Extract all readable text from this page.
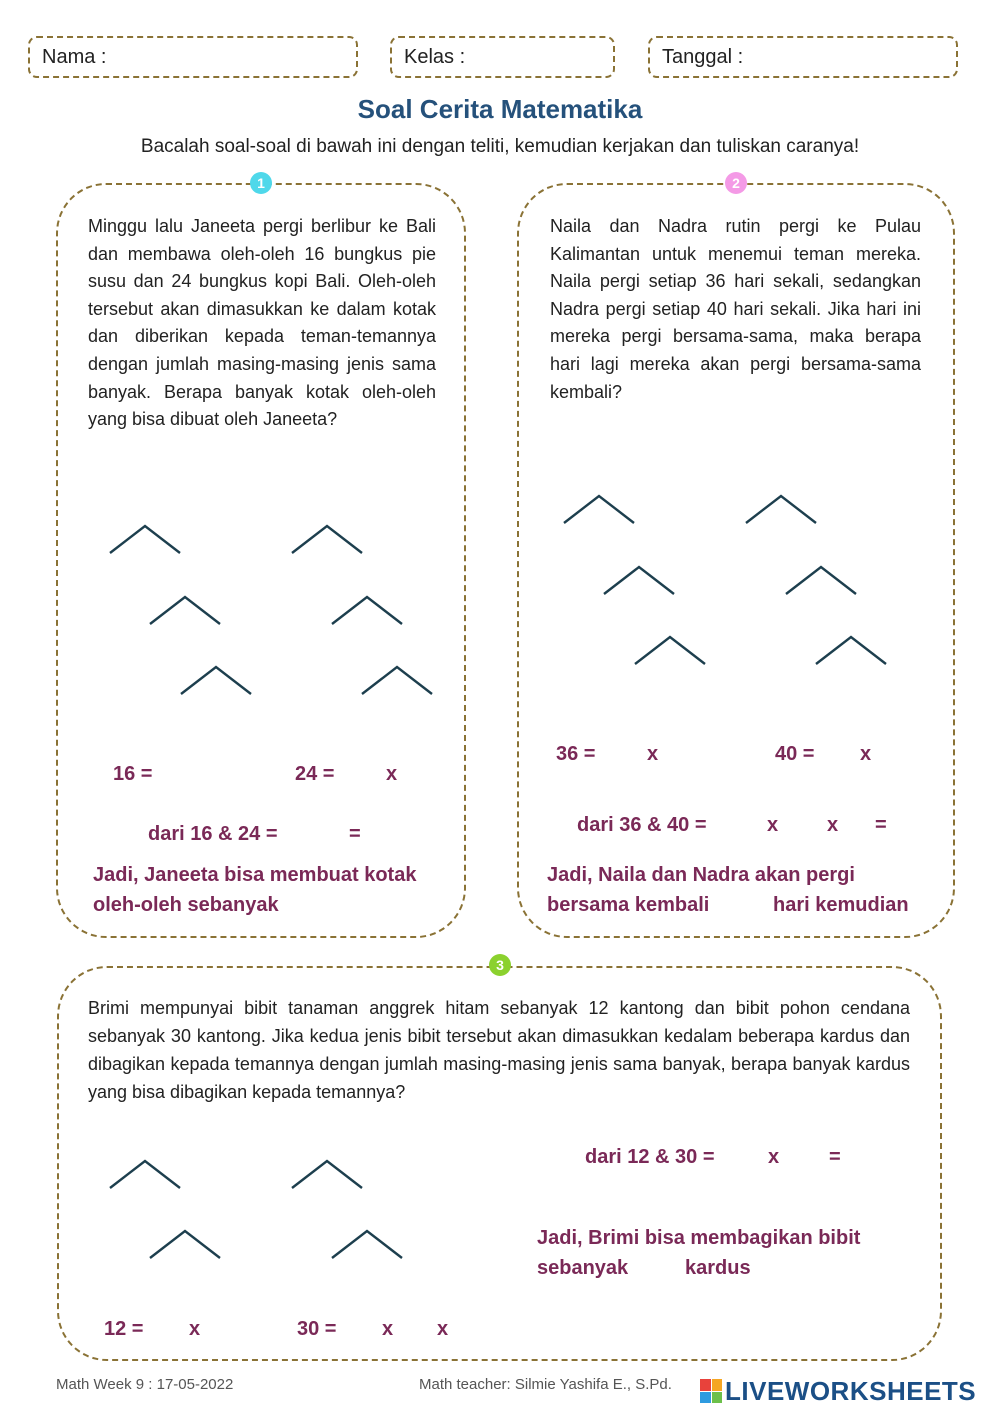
Nama :	Kelas :	Tanggal :
Soal Cerita Matematika
Bacalah soal-soal di bawah ini dengan teliti, kemudian kerjakan dan tuliskan caranya!
1
Minggu lalu Janeeta pergi berlibur ke Bali dan membawa oleh-oleh 16 bungkus pie susu dan 24 bungkus kopi Bali. Oleh-oleh tersebut akan dimasukkan ke dalam kotak dan diberikan kepada teman-temannya dengan jumlah masing-masing jenis sama banyak. Berapa banyak kotak oleh-oleh yang bisa dibuat oleh Janeeta?
16 =	24 =	x
dari 16 & 24 =	=
Jadi, Janeeta bisa membuat kotak
oleh-oleh sebanyak
2
Naila dan Nadra rutin pergi ke Pulau Kalimantan untuk menemui teman mereka. Naila pergi setiap 36 hari sekali, sedangkan Nadra pergi setiap 40 hari sekali. Jika hari ini mereka pergi bersama-sama, maka berapa hari lagi mereka akan pergi bersama-sama kembali?
36 =	x	40 = x
dari 36 & 40 =	x x =
Jadi, Naila dan Nadra akan pergi
bersama kembali	hari kemudian
3
Brimi mempunyai bibit tanaman anggrek hitam sebanyak 12 kantong dan bibit pohon cendana sebanyak 30 kantong. Jika kedua jenis bibit tersebut akan dimasukkan kedalam beberapa kardus dan dibagikan kepada temannya dengan jumlah masing-masing jenis sama banyak, berapa banyak kardus yang bisa dibagikan kepada temannya?
dari 12 & 30 =	x =
Jadi, Brimi bisa membagikan bibit
sebanyak	kardus
12 = x	30 = x x
Math Week 9 : 17-05-2022	Math teacher: Silmie Yashifa E., S.Pd. LIVEWORKSHEETS
